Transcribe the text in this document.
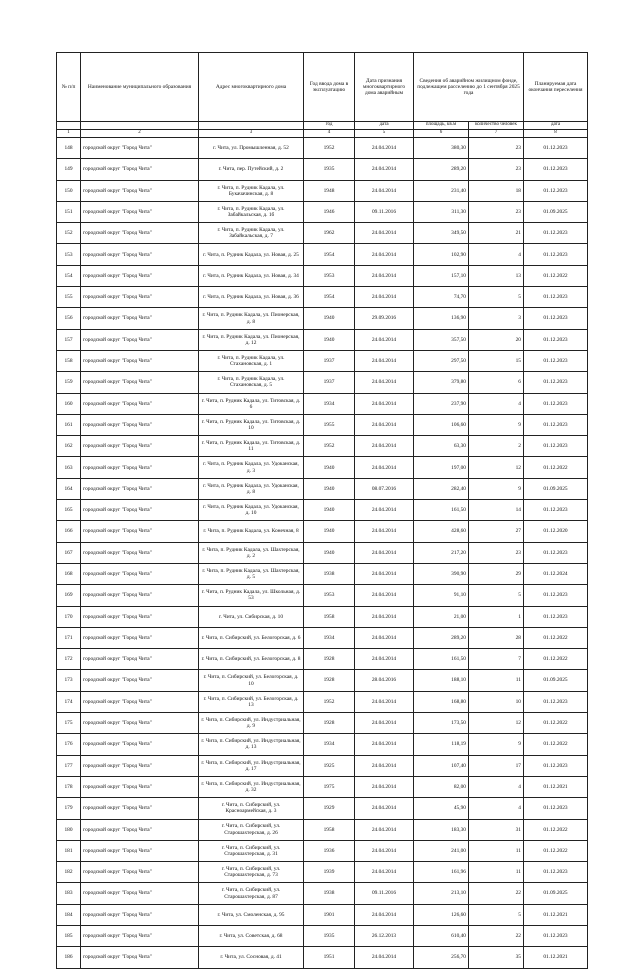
№ п/п	Наименование муниципального образования	Адрес многоквартирного дома	Год ввода дома в эксплуатацию	Дата признания многоквартирного дома аварийным	Сведения об аварийном жилищном фонде, подлежащем расселению до 1 сентября 2025 года		Планируемая дата окончания переселения
			год	дата	площадь, кв.м	количество человек	дата
1	2	3	4	5	6	7	8
148	городской округ "Город Чита"	г. Чита, ул. Промышленная, д. 52	1952	24.04.2014	380,30	23	01.12.2023
149	городской округ "Город Чита"	г. Чита, пер. Путейский, д. 2	1935	24.04.2014	289,20	23	01.12.2023
150	городской округ "Город Чита"	г. Чита, п. Рудник Кадала, ул. Букачачинская, д. 8	1948	24.04.2014	231,40	18	01.12.2023
151	городской округ "Город Чита"	г. Чита, п. Рудник Кадала, ул. Забайкальская, д. 1б	1946	09.11.2016	311,30	23	01.09.2025
152	городской округ "Город Чита"	г. Чита, п. Рудник Кадала, ул. Забайкальская, д. 7	1962	24.04.2014	349,50	21	01.12.2023
153	городской округ "Город Чита"	г. Чита, п. Рудник Кадала, ул. Новая, д. 25	1954	24.04.2014	102,90	4	01.12.2023
154	городской округ "Город Чита"	г. Чита, п. Рудник Кадала, ул. Новая, д. 34	1953	24.04.2014	157,10	13	01.12.2022
155	городской округ "Город Чита"	г. Чита, п. Рудник Кадала, ул. Новая, д. 36	1954	24.04.2014	74,70	5	01.12.2023
156	городской округ "Город Чита"	г. Чита, п. Рудник Кадала, ул. Пионерская, д. 8	1940	29.09.2016	136,90	3	01.12.2023
157	городской округ "Город Чита"	г. Чита, п. Рудник Кадала, ул. Пионерская, д. 12	1940	24.04.2014	357,50	20	01.12.2023
158	городской округ "Город Чита"	г. Чита, п. Рудник Кадала, ул. Стахановская, д. 1	1937	24.04.2014	297,50	15	01.12.2023
159	городской округ "Город Чита"	г. Чита, п. Рудник Кадала, ул. Стахановская, д. 5	1937	24.04.2014	379,80	6	01.12.2023
160	городской округ "Город Чита"	г. Чита, п. Рудник Кадала, ул. Титовская, д. 6	1934	24.04.2014	237,90	4	01.12.2023
161	городской округ "Город Чита"	г. Чита, п. Рудник Кадала, ул. Титовская, д. 10	1955	24.04.2014	106,60	9	01.12.2023
162	городской округ "Город Чита"	г. Чита, п. Рудник Кадала, ул. Титовская, д. 11	1952	24.04.2014	63,30	2	01.12.2023
163	городской округ "Город Чита"	г. Чита, п. Рудник Кадала, ул. Удоканская, д. 3	1940	24.04.2014	197,00	12	01.12.2022
164	городской округ "Город Чита"	г. Чита, п. Рудник Кадала, ул. Удоканская, д. 8	1940	08.07.2016	282,40	9	01.09.2025
165	городской округ "Город Чита"	г. Чита, п. Рудник Кадала, ул. Удоканская, д. 10	1940	24.04.2014	161,50	14	01.12.2023
166	городской округ "Город Чита"	г. Чита, п. Рудник Кадала, ул. Конечная, 8	1940	24.04.2014	428,60	27	01.12.2020
167	городской округ "Город Чита"	г. Чита, п. Рудник Кадала, ул. Шахтерская, д. 2	1940	24.04.2014	217,20	23	01.12.2023
168	городской округ "Город Чита"	г. Чита, п. Рудник Кадала, ул. Шахтерская, д. 5	1938	24.04.2014	390,90	29	01.12.2024
169	городской округ "Город Чита"	г. Чита, п. Рудник Кадала, ул. Школьная, д. 53	1953	24.04.2014	91,10	5	01.12.2023
170	городской округ "Город Чита"	г. Чита, ул. Сибирская, д. 10	1958	24.04.2014	21,00	1	01.12.2023
171	городской округ "Город Чита"	г. Чита, п. Сибирский, ул. Белогорская, д. 6	1934	24.04.2014	289,20	28	01.12.2022
172	городской округ "Город Чита"	г. Чита, п. Сибирский, ул. Белогорская, д. 8	1928	24.04.2014	161,50	7	01.12.2022
173	городской округ "Город Чита"	г. Чита, п. Сибирский, ул. Белогорская, д. 10	1928	28.04.2016	188,10	11	01.09.2025
174	городской округ "Город Чита"	г. Чита, п. Сибирский, ул. Белогорская, д. 13	1952	24.04.2014	168,80	10	01.12.2023
175	городской округ "Город Чита"	г. Чита, п. Сибирский, ул. Индустриальная, д. 9	1928	24.04.2014	173,50	12	01.12.2022
176	городской округ "Город Чита"	г. Чита, п. Сибирский, ул. Индустриальная, д. 13	1934	24.04.2014	118,19	9	01.12.2022
177	городской округ "Город Чита"	г. Чита, п. Сибирский, ул. Индустриальная, д. 17	1925	24.04.2014	107,40	17	01.12.2023
178	городской округ "Город Чита"	г. Чита, п. Сибирский, ул. Индустриальная, д. 32	1975	24.04.2014	82,00	4	01.12.2021
179	городской округ "Город Чита"	г. Чита, п. Сибирский, ул. Красноармейская, д. 3	1929	24.04.2014	45,90	4	01.12.2023
180	городской округ "Город Чита"	г. Чита, п. Сибирский, ул. Старошахтерская, д. 26	1958	24.04.2014	183,30	31	01.12.2022
181	городской округ "Город Чита"	г. Чита, п. Сибирский, ул. Старошахтерская, д. 31	1936	24.04.2014	241,00	11	01.12.2022
182	городской округ "Город Чита"	г. Чита, п. Сибирский, ул. Старошахтерская, д. 73	1939	24.04.2014	161,96	11	01.12.2023
183	городской округ "Город Чита"	г. Чита, п. Сибирский, ул. Старошахтерская, д. 87	1938	09.11.2016	213,10	22	01.09.2025
184	городской округ "Город Чита"	г. Чита, ул. Смоленская, д. 95	1901	24.04.2014	126,60	5	01.12.2021
185	городской округ "Город Чита"	г. Чита, ул. Советская, д. 68	1935	26.12.2013	610,40	22	01.12.2023
186	городской округ "Город Чита"	г. Чита, ул. Сосновая, д. 41	1951	24.04.2014	256,70	35	01.12.2021
